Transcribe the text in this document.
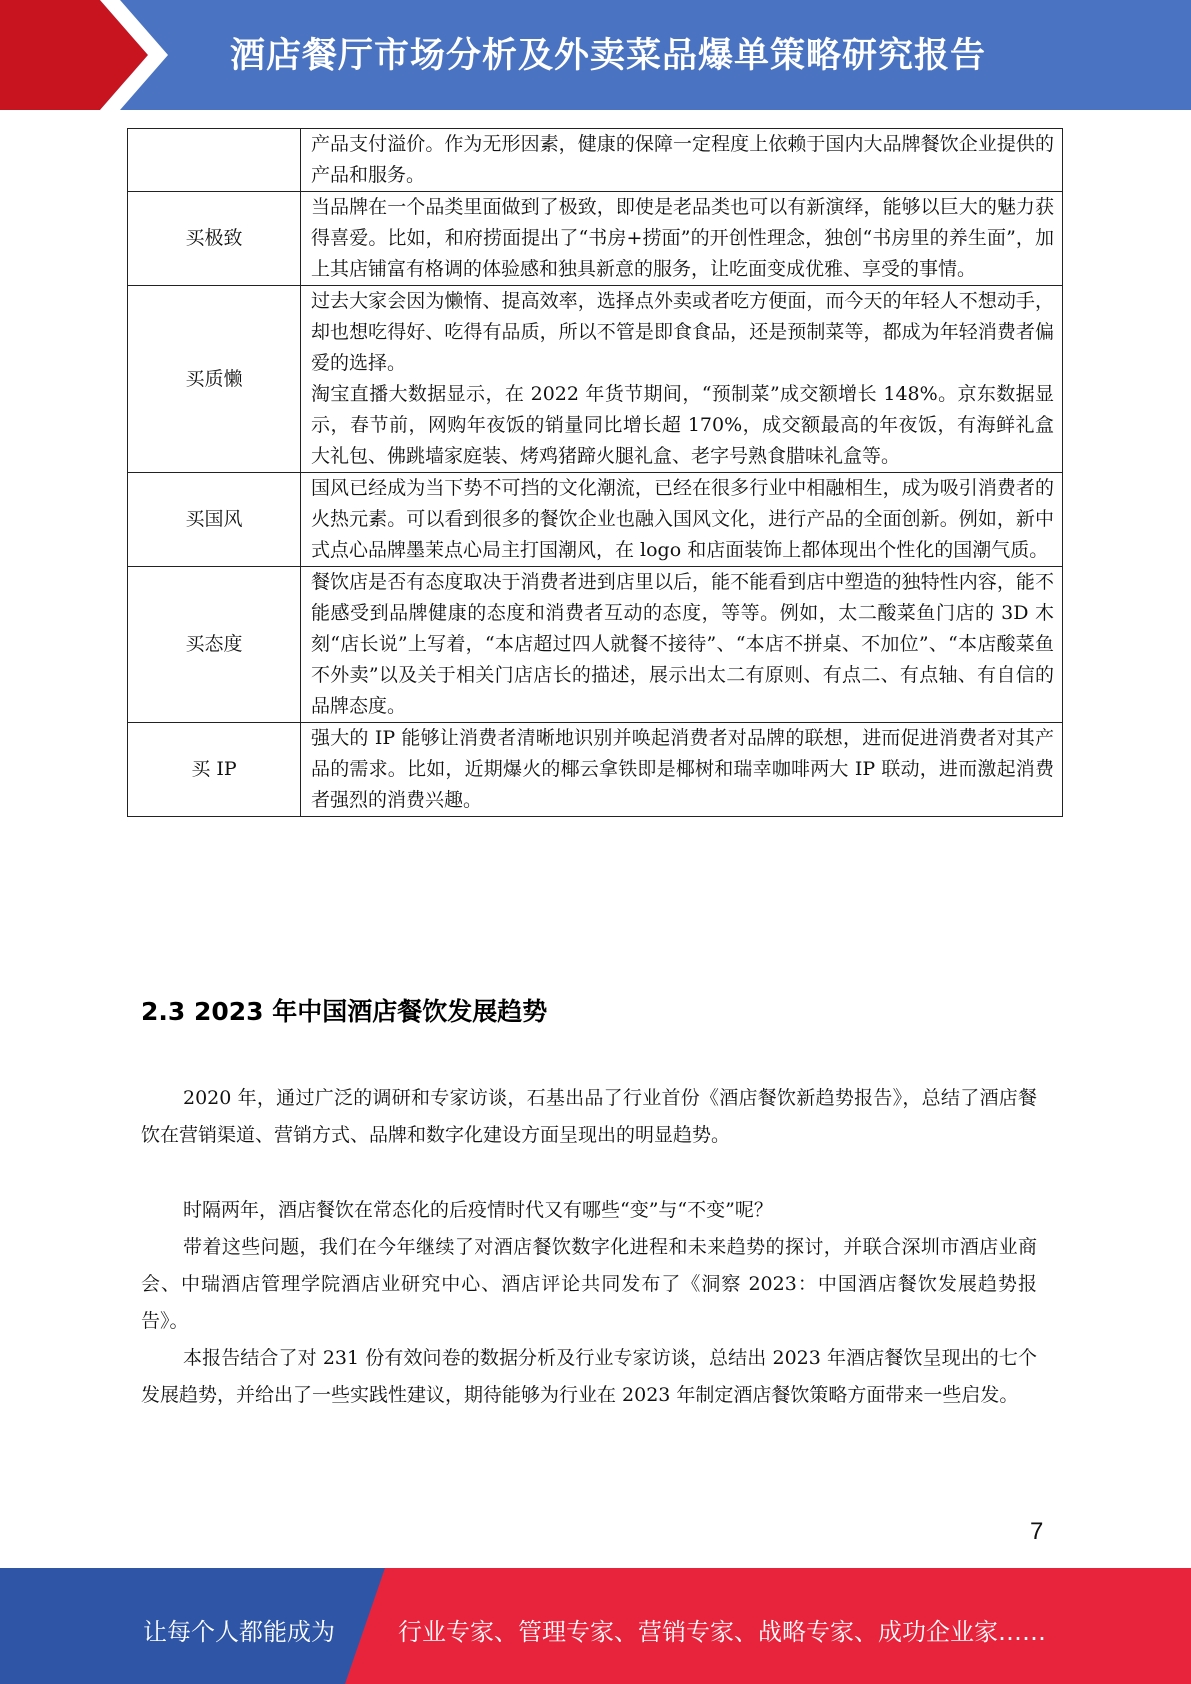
酒店餐厅市场分析及外卖菜品爆单策略研究报告

	产品支付溢价。作为无形因素，健康的保障一定程度上依赖于国内大品牌餐饮企业提供的产品和服务。

买极致	当品牌在一个品类里面做到了极致，即使是老品类也可以有新演绎，能够以巨大的魅力获得喜爱。比如，和府捞面提出了“书房+捞面”的开创性理念，独创“书房里的养生面”，加上其店铺富有格调的体验感和独具新意的服务，让吃面变成优雅、享受的事情。

买质懒	过去大家会因为懒惰、提高效率，选择点外卖或者吃方便面，而今天的年轻人不想动手，却也想吃得好、吃得有品质，所以不管是即食食品，还是预制菜等，都成为年轻消费者偏爱的选择。

淘宝直播大数据显示，在 2022 年货节期间，“预制菜”成交额增长 148%。京东数据显示，春节前，网购年夜饭的销量同比增长超 170%，成交额最高的年夜饭，有海鲜礼盒大礼包、佛跳墙家庭装、烤鸡猪蹄火腿礼盒、老字号熟食腊味礼盒等。

买国风	国风已经成为当下势不可挡的文化潮流，已经在很多行业中相融相生，成为吸引消费者的火热元素。可以看到很多的餐饮企业也融入国风文化，进行产品的全面创新。例如，新中式点心品牌墨茉点心局主打国潮风，在 logo 和店面装饰上都体现出个性化的国潮气质。

买态度	餐饮店是否有态度取决于消费者进到店里以后，能不能看到店中塑造的独特性内容，能不能感受到品牌健康的态度和消费者互动的态度，等等。例如，太二酸菜鱼门店的 3D 木刻“店长说”上写着，“本店超过四人就餐不接待”、“本店不拼桌、不加位”、“本店酸菜鱼不外卖”以及关于相关门店店长的描述，展示出太二有原则、有点二、有点轴、有自信的品牌态度。

买 IP	强大的 IP 能够让消费者清晰地识别并唤起消费者对品牌的联想，进而促进消费者对其产品的需求。比如，近期爆火的椰云拿铁即是椰树和瑞幸咖啡两大 IP 联动，进而激起消费者强烈的消费兴趣。

2.3 2023 年中国酒店餐饮发展趋势

2020 年，通过广泛的调研和专家访谈，石基出品了行业首份《酒店餐饮新趋势报告》，总结了酒店餐饮在营销渠道、营销方式、品牌和数字化建设方面呈现出的明显趋势。

时隔两年，酒店餐饮在常态化的后疫情时代又有哪些“变”与“不变”呢？

带着这些问题，我们在今年继续了对酒店餐饮数字化进程和未来趋势的探讨，并联合深圳市酒店业商会、中瑞酒店管理学院酒店业研究中心、酒店评论共同发布了《洞察 2023：中国酒店餐饮发展趋势报告》。

本报告结合了对 231 份有效问卷的数据分析及行业专家访谈，总结出 2023 年酒店餐饮呈现出的七个发展趋势，并给出了一些实践性建议，期待能够为行业在 2023 年制定酒店餐饮策略方面带来一些启发。

7
让每个人都能成为	行业专家、管理专家、营销专家、战略专家、成功企业家……
